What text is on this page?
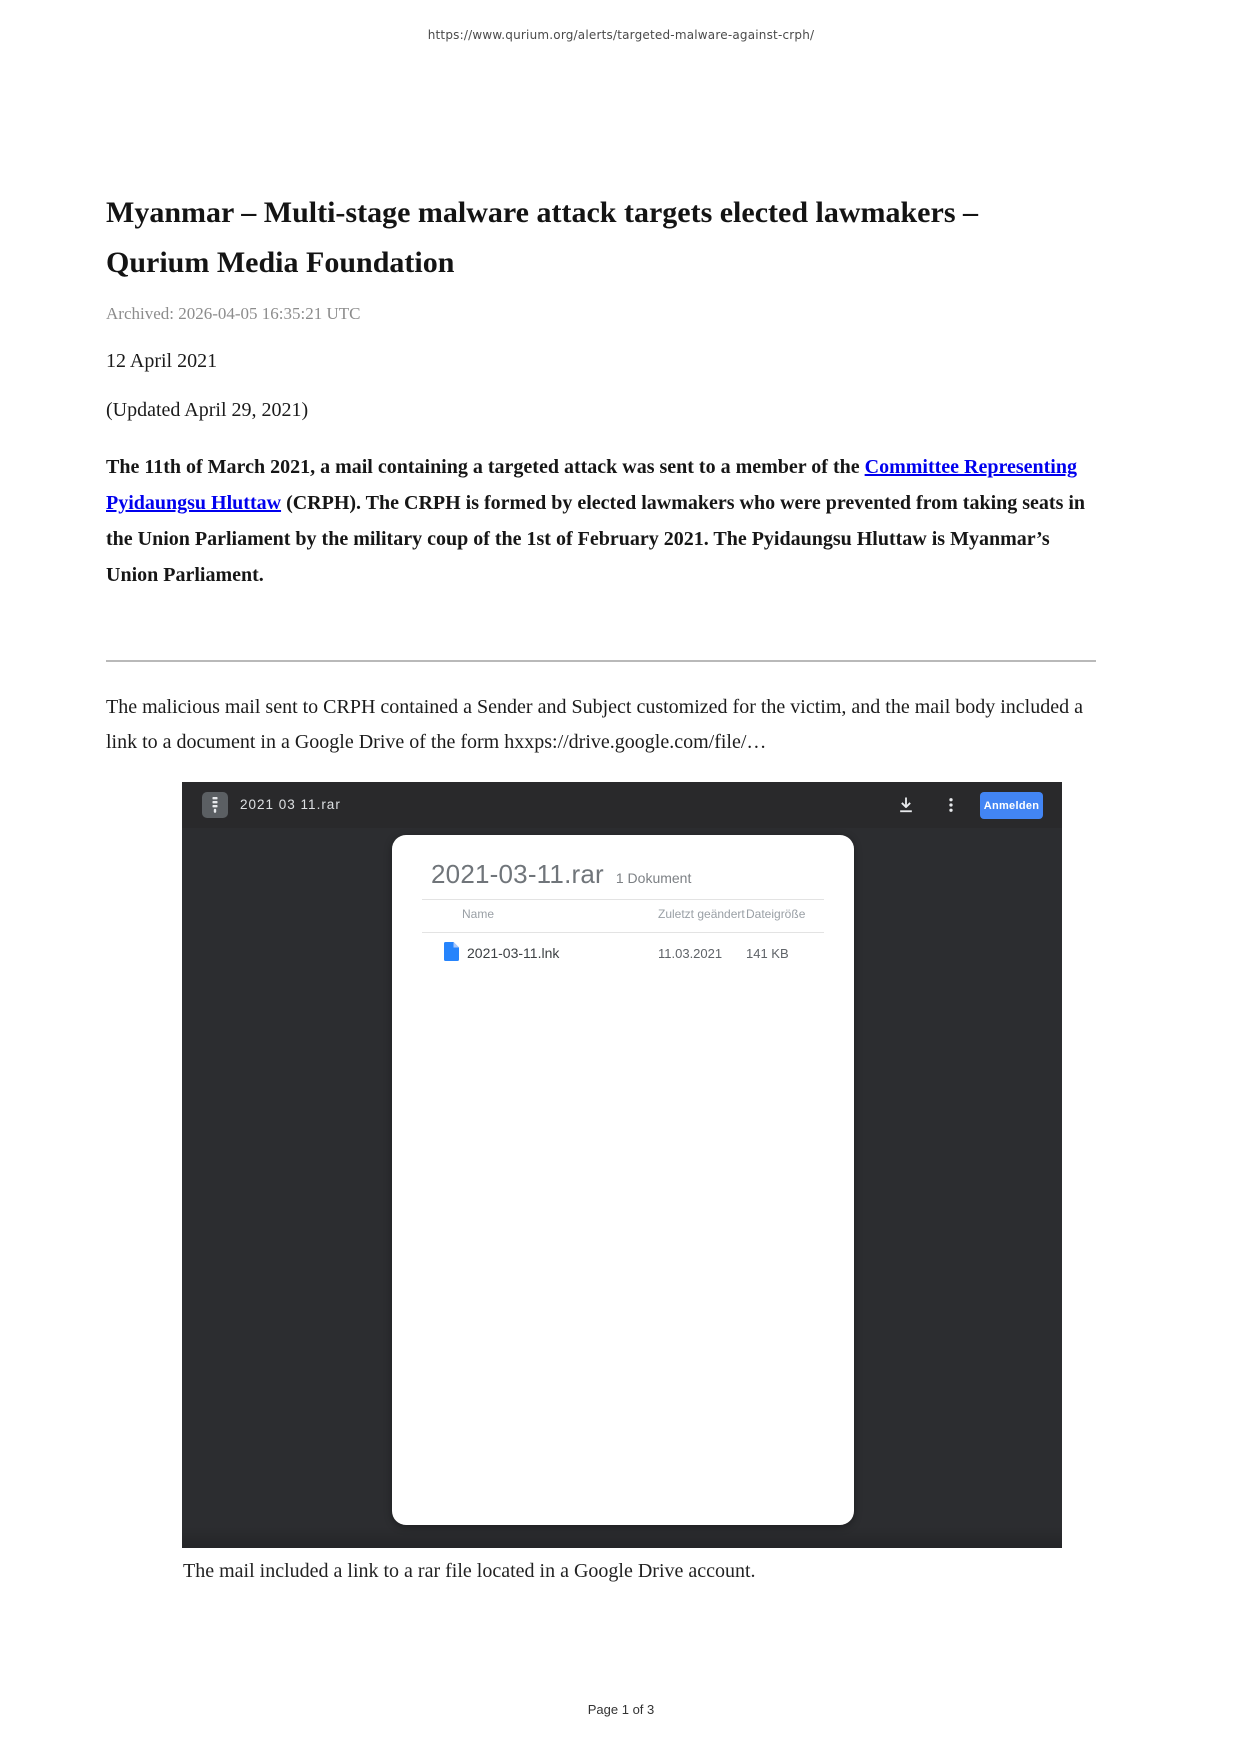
https://www.qurium.org/alerts/targeted-malware-against-crph/
Myanmar – Multi-stage malware attack targets elected lawmakers – Qurium Media Foundation
Archived: 2026-04-05 16:35:21 UTC
12 April 2021
(Updated April 29, 2021)

The 11th of March 2021, a mail containing a targeted attack was sent to a member of the Committee Representing Pyidaungsu Hluttaw (CRPH). The CRPH is formed by elected lawmakers who were prevented from taking seats in the Union Parliament by the military coup of the 1st of February 2021. The Pyidaungsu Hluttaw is Myanmar’s Union Parliament.

The malicious mail sent to CRPH contained a Sender and Subject customized for the victim, and the mail body included a link to a document in a Google Drive of the form hxxps://drive.google.com/file/…

2021 03 11.rar	Anmelden
2021-03-11.rar 1 Dokument
Name	Zuletzt geändert Dateigröße
2021-03-11.lnk	11.03.2021 141 KB
The mail included a link to a rar file located in a Google Drive account.
Page 1 of 3
